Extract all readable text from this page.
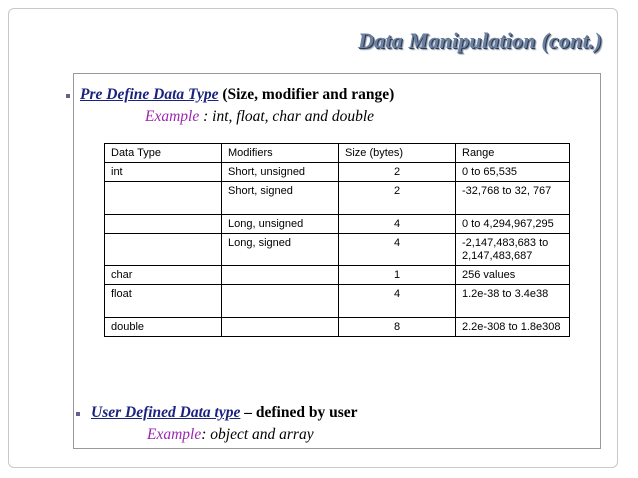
Data Manipulation (cont.)
Pre Define Data Type (Size, modifier and range)
Example : int, float, char and double
Data Type	Modifiers	Size (bytes)	Range
int	Short, unsigned	2	0 to 65,535
	Short, signed	2	-32,768 to 32, 767
	Long, unsigned	4	0 to 4,294,967,295
	Long, signed	4	-2,147,483,683 to 2,147,483,687
char		1	256 values
float		4	1.2e-38 to 3.4e38
double		8	2.2e-308 to 1.8e308
User Defined Data type – defined by user
Example: object and array
